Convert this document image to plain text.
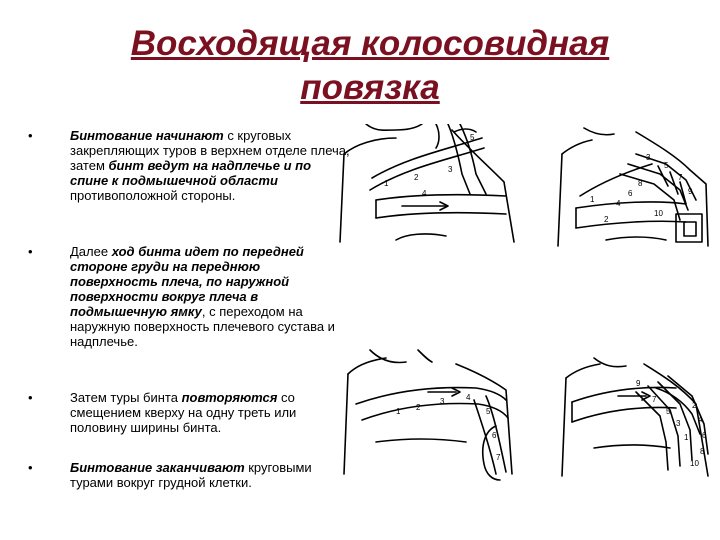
Восходящая колосовидная повязка
•	Бинтование начинают с круговых закрепляющих туров в верхнем отделе плеча, затем бинт ведут на надплечье и по спине к подмышечной области противоположной стороны.
•	Далее ход бинта идет по передней стороне груди на переднюю поверхность плеча, по наружной поверхности вокруг плеча в подмышечную ямку, с переходом на наружную поверхность плечевого сустава и надплечье.
•	Затем туры бинта повторяются со смещением кверху на одну треть или половину ширины бинта.
•	Бинтование заканчивают круговыми турами вокруг грудной клетки.
1
2
3
4
5
3
5
7
9
10
8
6
4
2
1
1 2
3	4
5
6
7
9
7
5
3
1
2
4
6
8
10
